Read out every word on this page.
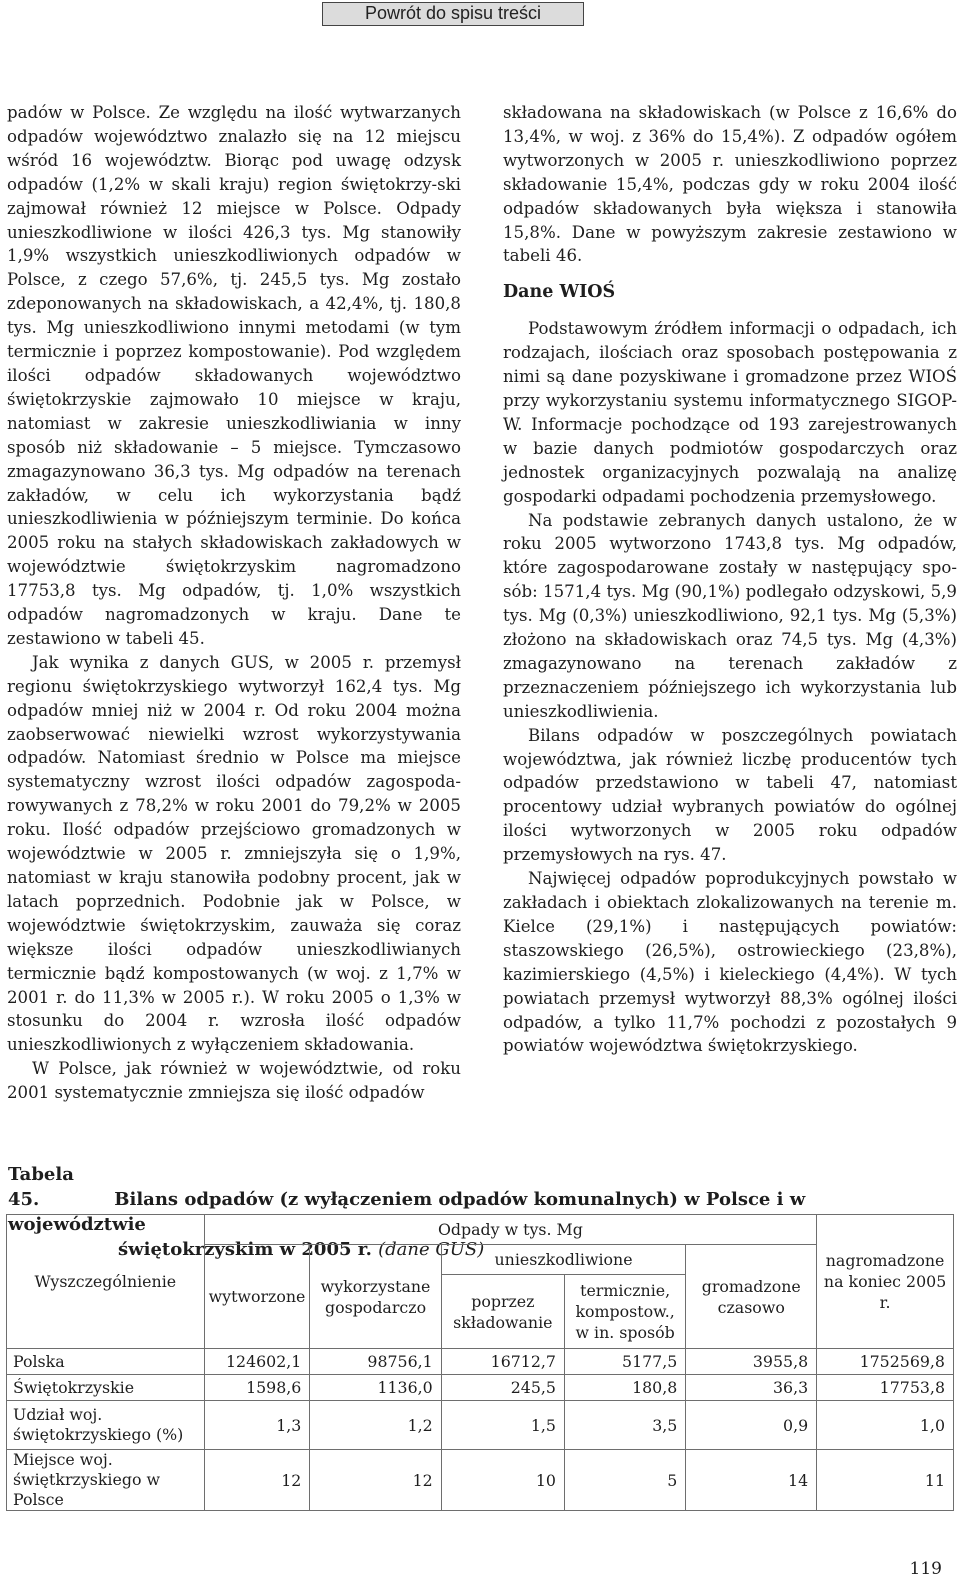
Powrót do spisu treści

padów w Polsce. Ze względu na ilość wytwarzanych odpadów województwo znalazło się na 12 miejscu wśród 16 województw. Biorąc pod uwagę odzysk odpadów (1,2% w skali kraju) region świętokrzy-ski zajmował również 12 miejsce w Polsce. Odpady unieszkodliwione w ilości 426,3 tys. Mg stanowiły 1,9% wszystkich unieszkodliwionych odpadów w Polsce, z czego 57,6%, tj. 245,5 tys. Mg zostało zdeponowanych na składowiskach, a 42,4%, tj. 180,8 tys. Mg unieszkodliwiono innymi metodami (w tym termicznie i poprzez kompostowanie). Pod względem ilości odpadów składowanych województwo świętokrzyskie zajmowało 10 miejsce w kraju, natomiast w zakresie unieszkodliwiania w inny sposób niż składowanie – 5 miejsce. Tymczasowo zmagazynowano 36,3 tys. Mg odpadów na terenach zakładów, w celu ich wykorzystania bądź unieszkodliwienia w późniejszym terminie. Do końca 2005 roku na stałych składowiskach zakładowych w województwie świętokrzyskim nagromadzono 17753,8 tys. Mg odpadów, tj. 1,0% wszystkich odpadów nagromadzonych w kraju. Dane te zestawiono w tabeli 45.

Jak wynika z danych GUS, w 2005 r. przemysł regionu świętokrzyskiego wytworzył 162,4 tys. Mg odpadów mniej niż w 2004 r. Od roku 2004 można zaobserwować niewielki wzrost wykorzystywania odpadów. Natomiast średnio w Polsce ma miejsce systematyczny wzrost ilości odpadów zagospodarowywanych z 78,2% w roku 2001 do 79,2% w 2005 roku. Ilość odpadów przejściowo gromadzonych w województwie w 2005 r. zmniejszyła się o 1,9%, natomiast w kraju stanowiła podobny procent, jak w latach poprzednich. Podobnie jak w Polsce, w województwie świętokrzyskim, zauważa się coraz większe ilości odpadów unieszkodliwianych termicznie bądź kompostowanych (w woj. z 1,7% w 2001 r. do 11,3% w 2005 r.). W roku 2005 o 1,3% w stosunku do 2004 r. wzrosła ilość odpadów unieszkodliwionych z wyłączeniem składowania.

W Polsce, jak również w województwie, od roku 2001 systematycznie zmniejsza się ilość odpadów

składowana na składowiskach (w Polsce z 16,6% do 13,4%, w woj. z 36% do 15,4%). Z odpadów ogółem wytworzonych w 2005 r. unieszkodliwiono poprzez składowanie 15,4%, podczas gdy w roku 2004 ilość odpadów składowanych była większa i stanowiła 15,8%. Dane w powyższym zakresie zestawiono w tabeli 46.

Dane WIOŚ

Podstawowym źródłem informacji o odpadach, ich rodzajach, ilościach oraz sposobach postępowania z nimi są dane pozyskiwane i gromadzone przez WIOŚ przy wykorzystaniu systemu informatycznego SIGOP-W. Informacje pochodzące od 193 zarejestrowanych w bazie danych podmiotów gospodarczych oraz jednostek organizacyjnych pozwalają na analizę gospodarki odpadami pochodzenia przemysłowego.

Na podstawie zebranych danych ustalono, że w roku 2005 wytworzono 1743,8 tys. Mg odpadów, które zagospodarowane zostały w następujący sposób: 1571,4 tys. Mg (90,1%) podlegało odzyskowi, 5,9 tys. Mg (0,3%) unieszkodliwiono, 92,1 tys. Mg (5,3%) złożono na składowiskach oraz 74,5 tys. Mg (4,3%) zmagazynowano na terenach zakładów z przeznaczeniem późniejszego ich wykorzystania lub unieszkodliwienia.

Bilans odpadów w poszczególnych powiatach województwa, jak również liczbę producentów tych odpadów przedstawiono w tabeli 47, natomiast procentowy udział wybranych powiatów do ogólnej ilości wytworzonych w 2005 roku odpadów przemysłowych na rys. 47.

Najwięcej odpadów poprodukcyjnych powstało w zakładach i obiektach zlokalizowanych na terenie m. Kielce (29,1%) i następujących powiatów: staszowskiego (26,5%), ostrowieckiego (23,8%), kazimierskiego (4,5%) i kieleckiego (4,4%). W tych powiatach przemysł wytworzył 88,3% ogólnej ilości odpadów, a tylko 11,7% pochodzi z pozostałych 9 powiatów województwa świętokrzyskiego.

Tabela 45.	Bilans odpadów (z wyłączeniem odpadów komunalnych) w Polsce i w województwie
świętokrzyskim w 2005 r. (dane GUS)
Wyszczególnienie	Odpady w tys. Mg					nagromadzone na koniec 2005 r.
	wytworzone	wykorzystane gospodarczo	unieszkodliwione		gromadzone czasowo	
			poprzez składowanie	termicznie, kompostow., w in. sposób		
Polska	124602,1	98756,1	16712,7	5177,5	3955,8	1752569,8
Świętokrzyskie	1598,6	1136,0	245,5	180,8	36,3	17753,8
Udział woj. świętokrzyskiego (%)	1,3	1,2	1,5	3,5	0,9	1,0
Miejsce woj. świętkrzyskiego w Polsce	12	12	10	5	14	11
119
